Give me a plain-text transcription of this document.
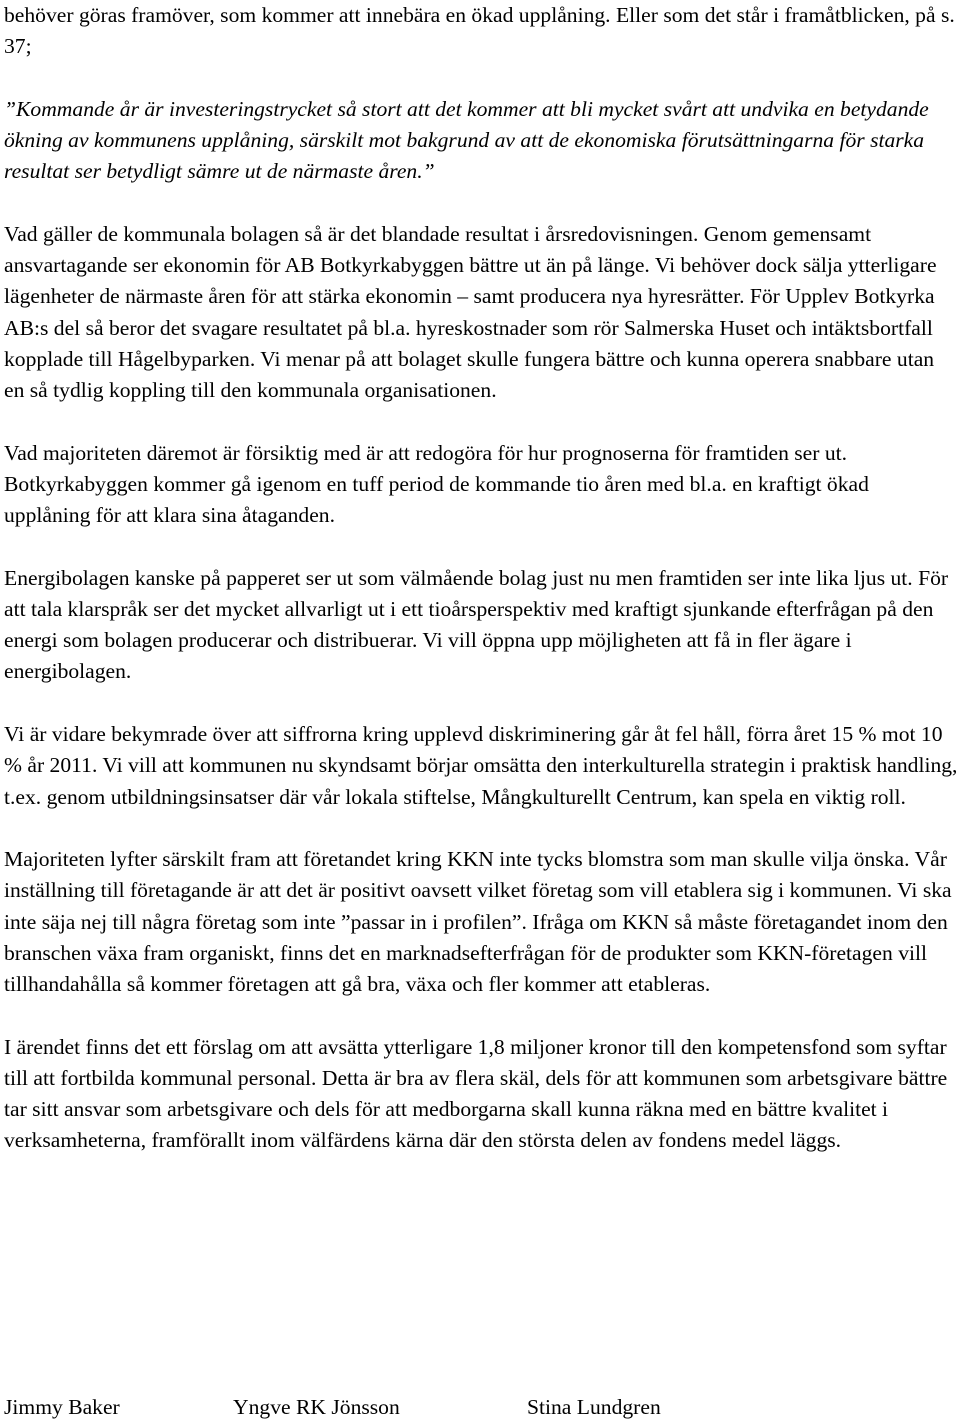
behöver göras framöver, som kommer att innebära en ökad upplåning. Eller som det står i framåtblicken, på s. 37;

”Kommande år är investeringstrycket så stort att det kommer att bli mycket svårt att undvika en betydande ökning av kommunens upplåning, särskilt mot bakgrund av att de ekonomiska förutsättningarna för starka resultat ser betydligt sämre ut de närmaste åren.”

Vad gäller de kommunala bolagen så är det blandade resultat i årsredovisningen. Genom gemensamt ansvartagande ser ekonomin för AB Botkyrkabyggen bättre ut än på länge. Vi behöver dock sälja ytterligare lägenheter de närmaste åren för att stärka ekonomin – samt producera nya hyresrätter. För Upplev Botkyrka AB:s del så beror det svagare resultatet på bl.a. hyreskostnader som rör Salmerska Huset och intäktsbortfall kopplade till Hågelbyparken. Vi menar på att bolaget skulle fungera bättre och kunna operera snabbare utan en så tydlig koppling till den kommunala organisationen.

Vad majoriteten däremot är försiktig med är att redogöra för hur prognoserna för framtiden ser ut. Botkyrkabyggen kommer gå igenom en tuff period de kommande tio åren med bl.a. en kraftigt ökad upplåning för att klara sina åtaganden.

Energibolagen kanske på papperet ser ut som välmående bolag just nu men framtiden ser inte lika ljus ut. För att tala klarspråk ser det mycket allvarligt ut i ett tioårsperspektiv med kraftigt sjunkande efterfrågan på den energi som bolagen producerar och distribuerar. Vi vill öppna upp möjligheten att få in fler ägare i energibolagen.

Vi är vidare bekymrade över att siffrorna kring upplevd diskriminering går åt fel håll, förra året 15 % mot 10 % år 2011. Vi vill att kommunen nu skyndsamt börjar omsätta den interkulturella strategin i praktisk handling, t.ex. genom utbildningsinsatser där vår lokala stiftelse, Mångkulturellt Centrum, kan spela en viktig roll.

Majoriteten lyfter särskilt fram att företandet kring KKN inte tycks blomstra som man skulle vilja önska. Vår inställning till företagande är att det är positivt oavsett vilket företag som vill etablera sig i kommunen. Vi ska inte säja nej till några företag som inte ”passar in i profilen”. Ifråga om KKN så måste företagandet inom den branschen växa fram organiskt, finns det en marknadsefterfrågan för de produkter som KKN-företagen vill tillhandahålla så kommer företagen att gå bra, växa och fler kommer att etableras.

I ärendet finns det ett förslag om att avsätta ytterligare 1,8 miljoner kronor till den kompetensfond som syftar till att fortbilda kommunal personal. Detta är bra av flera skäl, dels för att kommunen som arbetsgivare bättre tar sitt ansvar som arbetsgivare och dels för att medborgarna skall kunna räkna med en bättre kvalitet i verksamheterna, framförallt inom välfärdens kärna där den största delen av fondens medel läggs.

Jimmy Baker	Yngve RK Jönsson	Stina Lundgren
